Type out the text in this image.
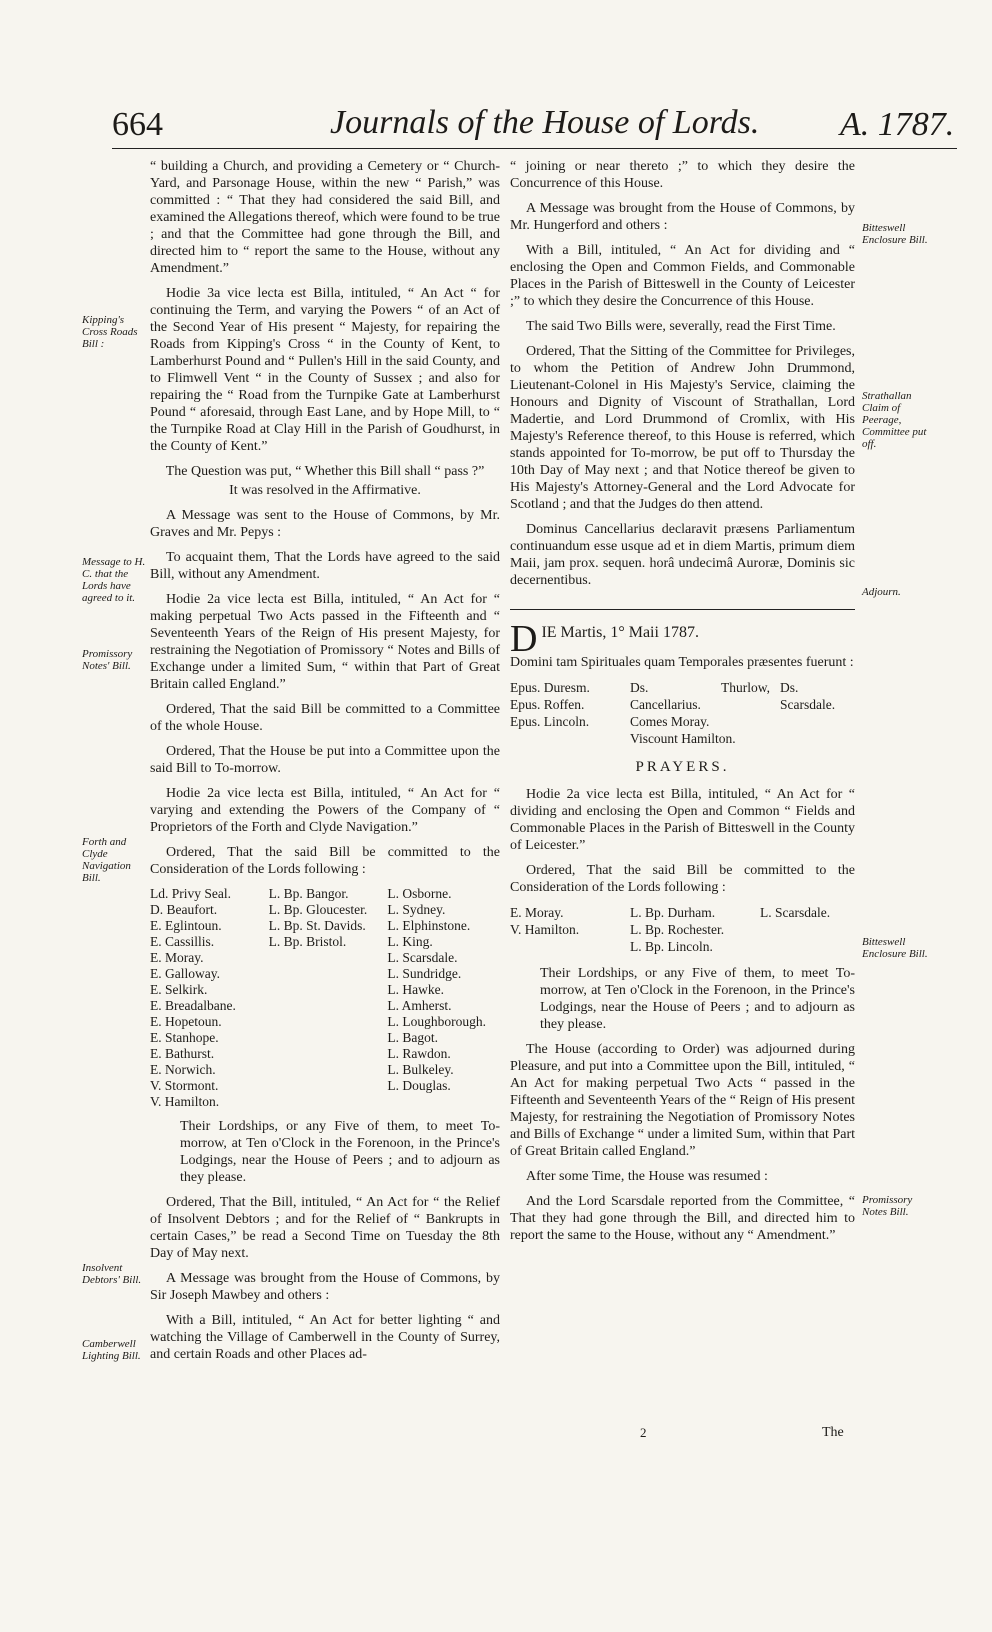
664	Journals of the House of Lords. A. 1787.
Kipping's Cross Roads Bill :
Message to H. C. that the Lords have agreed to it.
Promissory Notes' Bill.
Forth and Clyde Navigation Bill.
Insolvent Debtors' Bill.
Camberwell Lighting Bill.
Bitteswell Enclosure Bill.
Strathallan Claim of Peerage, Committee put off.
Adjourn.
Bitteswell Enclosure Bill.
Promissory Notes Bill.

“ building a Church, and providing a Cemetery or “ Church-Yard, and Parsonage House, within the new “ Parish,” was committed : “ That they had considered the said Bill, and examined the Allegations thereof, which were found to be true ; and that the Committee had gone through the Bill, and directed him to “ report the same to the House, without any Amendment.”

Hodie 3a vice lecta est Billa, intituled, “ An Act “ for continuing the Term, and varying the Powers “ of an Act of the Second Year of His present “ Majesty, for repairing the Roads from Kipping's Cross “ in the County of Kent, to Lamberhurst Pound and “ Pullen's Hill in the said County, and to Flimwell Vent “ in the County of Sussex ; and also for repairing the “ Road from the Turnpike Gate at Lamberhurst Pound “ aforesaid, through East Lane, and by Hope Mill, to “ the Turnpike Road at Clay Hill in the Parish of Goudhurst, in the County of Kent.”

The Question was put, “ Whether this Bill shall “ pass ?”

It was resolved in the Affirmative.

A Message was sent to the House of Commons, by Mr. Graves and Mr. Pepys :

To acquaint them, That the Lords have agreed to the said Bill, without any Amendment.

Hodie 2a vice lecta est Billa, intituled, “ An Act for “ making perpetual Two Acts passed in the Fifteenth and “ Seventeenth Years of the Reign of His present Majesty, for restraining the Negotiation of Promissory “ Notes and Bills of Exchange under a limited Sum, “ within that Part of Great Britain called England.”

Ordered, That the said Bill be committed to a Committee of the whole House.

Ordered, That the House be put into a Committee upon the said Bill to To-morrow.

Hodie 2a vice lecta est Billa, intituled, “ An Act for “ varying and extending the Powers of the Company of “ Proprietors of the Forth and Clyde Navigation.”

Ordered, That the said Bill be committed to the Consideration of the Lords following :

Ld. Privy Seal.
D. Beaufort.
E. Eglintoun.
E. Cassillis.
E. Moray.
E. Galloway.
E. Selkirk.
E. Breadalbane.
E. Hopetoun.
E. Stanhope.
E. Bathurst.
E. Norwich.
V. Stormont.
V. Hamilton.
L. Bp. Bangor.
L. Bp. Gloucester.
L. Bp. St. Davids.
L. Bp. Bristol.
L. Osborne.
L. Sydney.
L. Elphinstone.
L. King.
L. Scarsdale.
L. Sundridge.
L. Hawke.
L. Amherst.
L. Loughborough.
L. Bagot.
L. Rawdon.
L. Bulkeley.
L. Douglas.

Their Lordships, or any Five of them, to meet To-morrow, at Ten o'Clock in the Forenoon, in the Prince's Lodgings, near the House of Peers ; and to adjourn as they please.

Ordered, That the Bill, intituled, “ An Act for “ the Relief of Insolvent Debtors ; and for the Relief of “ Bankrupts in certain Cases,” be read a Second Time on Tuesday the 8th Day of May next.

A Message was brought from the House of Commons, by Sir Joseph Mawbey and others :

With a Bill, intituled, “ An Act for better lighting “ and watching the Village of Camberwell in the County of Surrey, and certain Roads and other Places ad-

“ joining or near thereto ;” to which they desire the Concurrence of this House.

A Message was brought from the House of Commons, by Mr. Hungerford and others :

With a Bill, intituled, “ An Act for dividing and “ enclosing the Open and Common Fields, and Commonable Places in the Parish of Bitteswell in the County of Leicester ;” to which they desire the Concurrence of this House.

The said Two Bills were, severally, read the First Time.

Ordered, That the Sitting of the Committee for Privileges, to whom the Petition of Andrew John Drummond, Lieutenant-Colonel in His Majesty's Service, claiming the Honours and Dignity of Viscount of Strathallan, Lord Madertie, and Lord Drummond of Cromlix, with His Majesty's Reference thereof, to this House is referred, which stands appointed for To-morrow, be put off to Thursday the 10th Day of May next ; and that Notice thereof be given to His Majesty's Attorney-General and the Lord Advocate for Scotland ; and that the Judges do then attend.

Dominus Cancellarius declaravit præsens Parliamentum continuandum esse usque ad et in diem Martis, primum diem Maii, jam prox. sequen. horâ undecimâ Auroræ, Dominis sic decernentibus.

DIE Martis, 1° Maii 1787.

Domini tam Spirituales quam Temporales præsentes fuerunt :

Epus. Duresm.
Epus. Roffen.
Epus. Lincoln.
Ds. Thurlow, Cancellarius.
Comes Moray.
Viscount Hamilton.
Ds. Scarsdale.

PRAYERS.

Hodie 2a vice lecta est Billa, intituled, “ An Act for “ dividing and enclosing the Open and Common “ Fields and Commonable Places in the Parish of Bitteswell in the County of Leicester.”

Ordered, That the said Bill be committed to the Consideration of the Lords following :

E. Moray.
V. Hamilton.
L. Bp. Durham.
L. Bp. Rochester.
L. Bp. Lincoln.
L. Scarsdale.

Their Lordships, or any Five of them, to meet To-morrow, at Ten o'Clock in the Forenoon, in the Prince's Lodgings, near the House of Peers ; and to adjourn as they please.

The House (according to Order) was adjourned during Pleasure, and put into a Committee upon the Bill, intituled, “ An Act for making perpetual Two Acts “ passed in the Fifteenth and Seventeenth Years of the “ Reign of His present Majesty, for restraining the Negotiation of Promissory Notes and Bills of Exchange “ under a limited Sum, within that Part of Great Britain called England.”

After some Time, the House was resumed :

And the Lord Scarsdale reported from the Committee, “ That they had gone through the Bill, and directed him to report the same to the House, without any “ Amendment.”

2	The
